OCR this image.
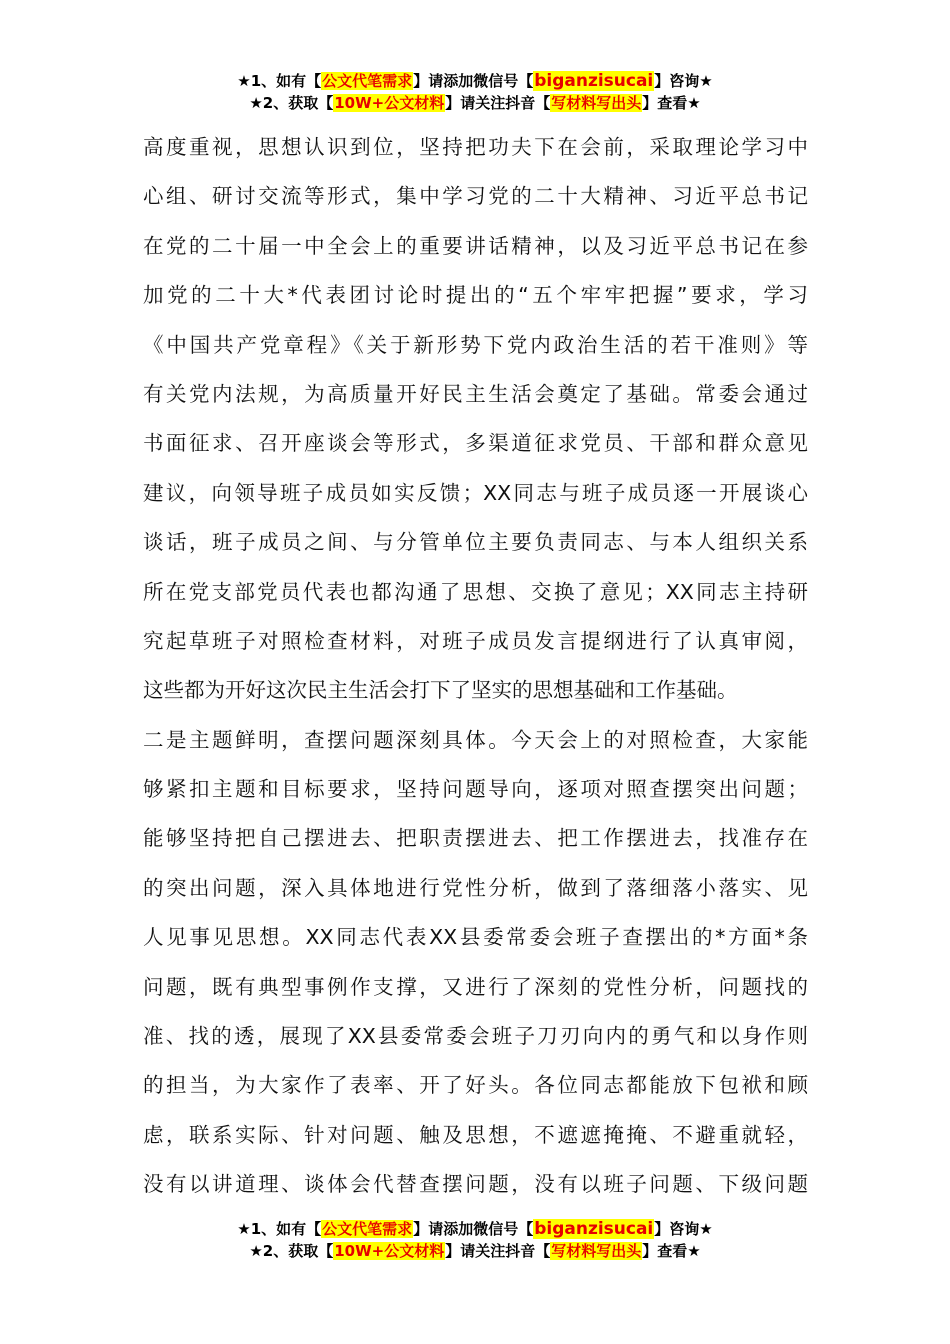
★1、如有【公文代笔需求】请添加微信号【biganzisucai】咨询★
★2、获取【10W+公文材料】请关注抖音【写材料写出头】查看★
高度重视，思想认识到位，坚持把功夫下在会前，采取理论学习中
心组、研讨交流等形式，集中学习党的二十大精神、习近平总书记
在党的二十届一中全会上的重要讲话精神，以及习近平总书记在参
加党的二十大*代表团讨论时提出的“五个牢牢把握”要求，学习
《中国共产党章程》《关于新形势下党内政治生活的若干准则》等
有关党内法规，为高质量开好民主生活会奠定了基础。常委会通过
书面征求、召开座谈会等形式，多渠道征求党员、干部和群众意见
建议，向领导班子成员如实反馈；XX同志与班子成员逐一开展谈心
谈话，班子成员之间、与分管单位主要负责同志、与本人组织关系
所在党支部党员代表也都沟通了思想、交换了意见；XX同志主持研
究起草班子对照检查材料，对班子成员发言提纲进行了认真审阅，
这些都为开好这次民主生活会打下了坚实的思想基础和工作基础。
二是主题鲜明，查摆问题深刻具体。今天会上的对照检查，大家能
够紧扣主题和目标要求，坚持问题导向，逐项对照查摆突出问题；
能够坚持把自己摆进去、把职责摆进去、把工作摆进去，找准存在
的突出问题，深入具体地进行党性分析，做到了落细落小落实、见
人见事见思想。XX同志代表XX县委常委会班子查摆出的*方面*条
问题，既有典型事例作支撑，又进行了深刻的党性分析，问题找的
准、找的透，展现了XX县委常委会班子刀刃向内的勇气和以身作则
的担当，为大家作了表率、开了好头。各位同志都能放下包袱和顾
虑，联系实际、针对问题、触及思想，不遮遮掩掩、不避重就轻，
没有以讲道理、谈体会代替查摆问题，没有以班子问题、下级问题
★1、如有【公文代笔需求】请添加微信号【biganzisucai】咨询★
★2、获取【10W+公文材料】请关注抖音【写材料写出头】查看★
